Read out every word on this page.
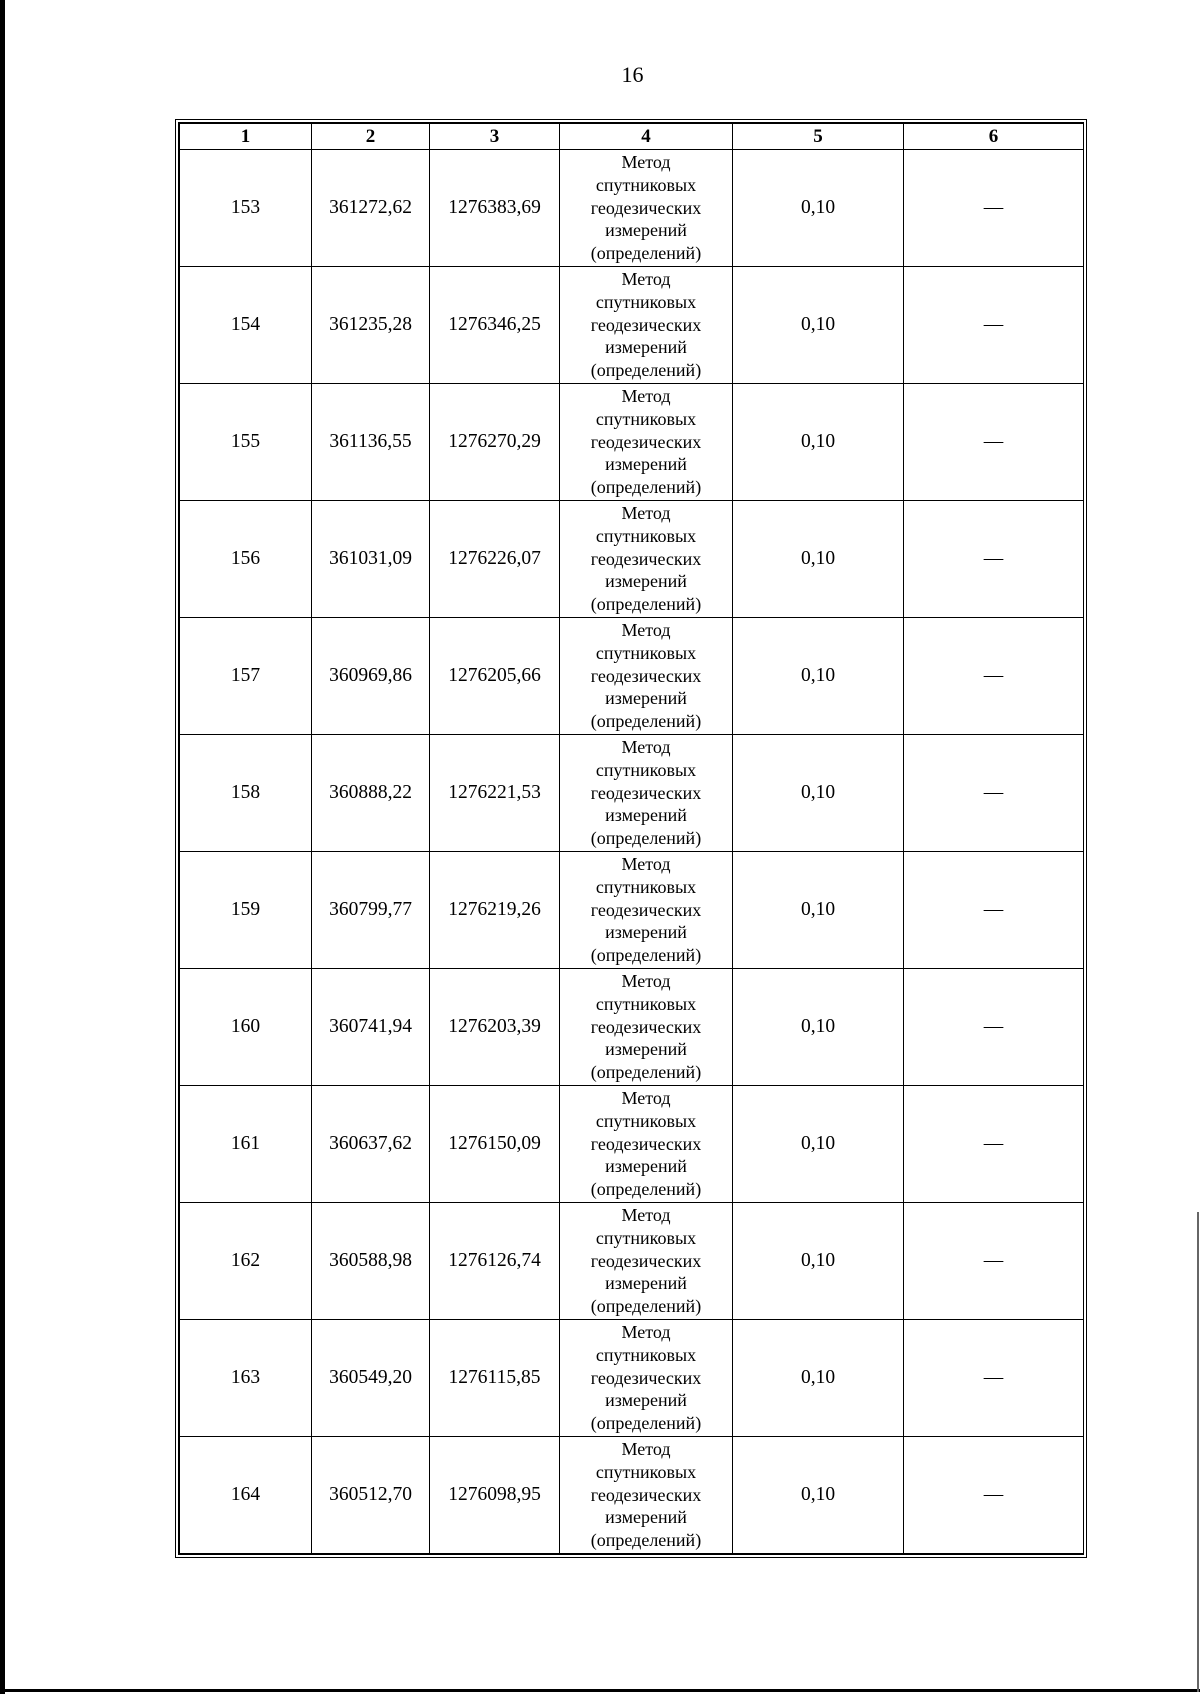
16
1	2	3	4	5	6
153	361272,62	1276383,69	Метод
спутниковых
геодезических
измерений
(определений)	0,10	—
154	361235,28	1276346,25	Метод
спутниковых
геодезических
измерений
(определений)	0,10	—
155	361136,55	1276270,29	Метод
спутниковых
геодезических
измерений
(определений)	0,10	—
156	361031,09	1276226,07	Метод
спутниковых
геодезических
измерений
(определений)	0,10	—
157	360969,86	1276205,66	Метод
спутниковых
геодезических
измерений
(определений)	0,10	—
158	360888,22	1276221,53	Метод
спутниковых
геодезических
измерений
(определений)	0,10	—
159	360799,77	1276219,26	Метод
спутниковых
геодезических
измерений
(определений)	0,10	—
160	360741,94	1276203,39	Метод
спутниковых
геодезических
измерений
(определений)	0,10	—
161	360637,62	1276150,09	Метод
спутниковых
геодезических
измерений
(определений)	0,10	—
162	360588,98	1276126,74	Метод
спутниковых
геодезических
измерений
(определений)	0,10	—
163	360549,20	1276115,85	Метод
спутниковых
геодезических
измерений
(определений)	0,10	—
164	360512,70	1276098,95	Метод
спутниковых
геодезических
измерений
(определений)	0,10	—
